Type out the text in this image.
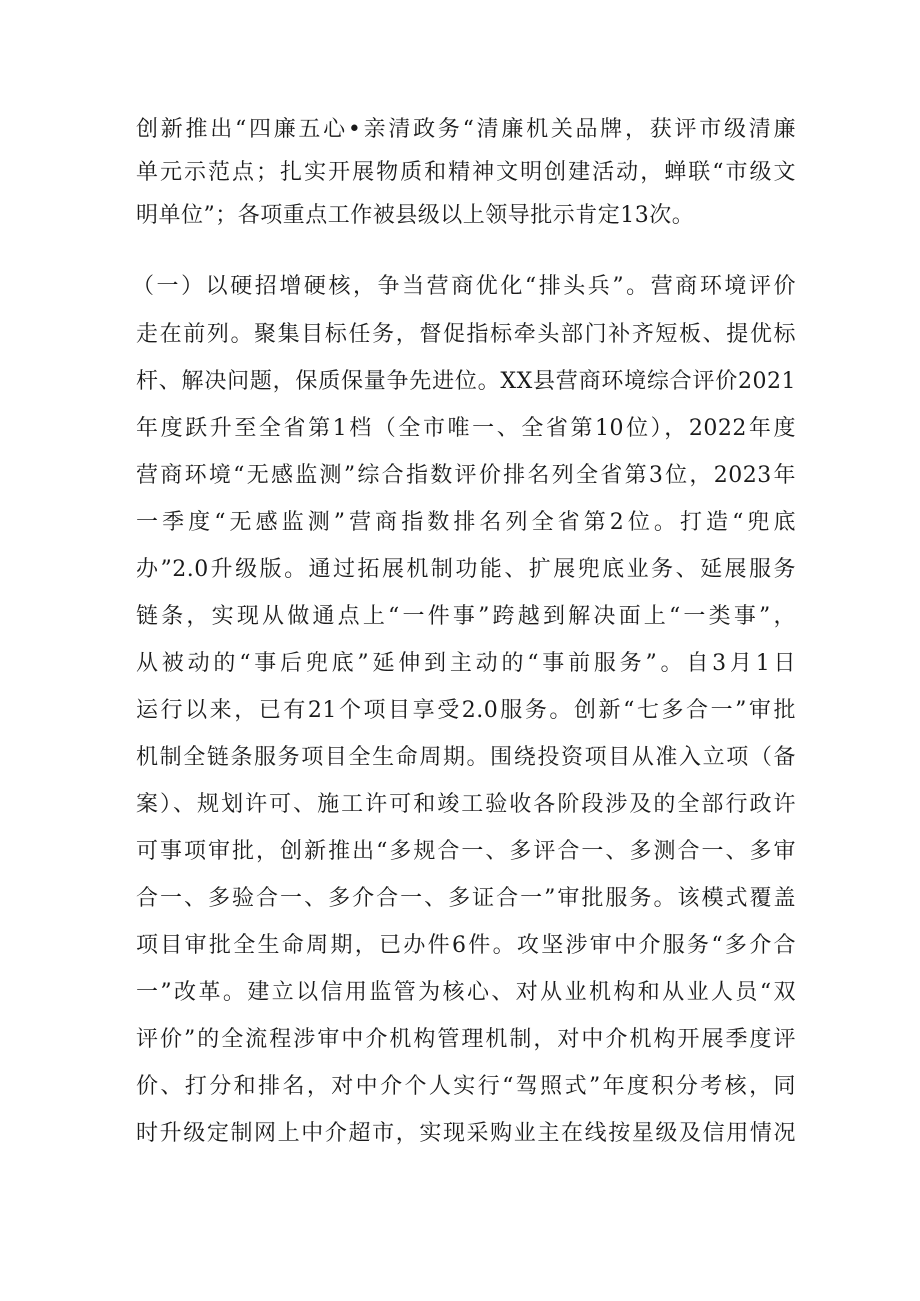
创新推出“四廉五心•亲清政务“清廉机关品牌，获评市级清廉
单元示范点；扎实开展物质和精神文明创建活动，蝉联“市级文
明单位”；各项重点工作被县级以上领导批示肯定13次。
（一）以硬招增硬核，争当营商优化“排头兵”。营商环境评价
走在前列。聚集目标任务，督促指标牵头部门补齐短板、提优标
杆、解决问题，保质保量争先进位。XX县营商环境综合评价2021
年度跃升至全省第1档（全市唯一、全省第10位），2022年度
营商环境“无感监测”综合指数评价排名列全省第3位，2023年
一季度“无感监测”营商指数排名列全省第2位。打造“兜底
办”2.0升级版。通过拓展机制功能、扩展兜底业务、延展服务
链条，实现从做通点上“一件事”跨越到解决面上“一类事”，
从被动的“事后兜底”延伸到主动的“事前服务”。自3月1日
运行以来，已有21个项目享受2.0服务。创新“七多合一”审批
机制全链条服务项目全生命周期。围绕投资项目从准入立项（备
案）、规划许可、施工许可和竣工验收各阶段涉及的全部行政许
可事项审批，创新推出“多规合一、多评合一、多测合一、多审
合一、多验合一、多介合一、多证合一”审批服务。该模式覆盖
项目审批全生命周期，已办件6件。攻坚涉审中介服务“多介合
一”改革。建立以信用监管为核心、对从业机构和从业人员“双
评价”的全流程涉审中介机构管理机制，对中介机构开展季度评
价、打分和排名，对中介个人实行“驾照式”年度积分考核，同
时升级定制网上中介超市，实现采购业主在线按星级及信用情况
